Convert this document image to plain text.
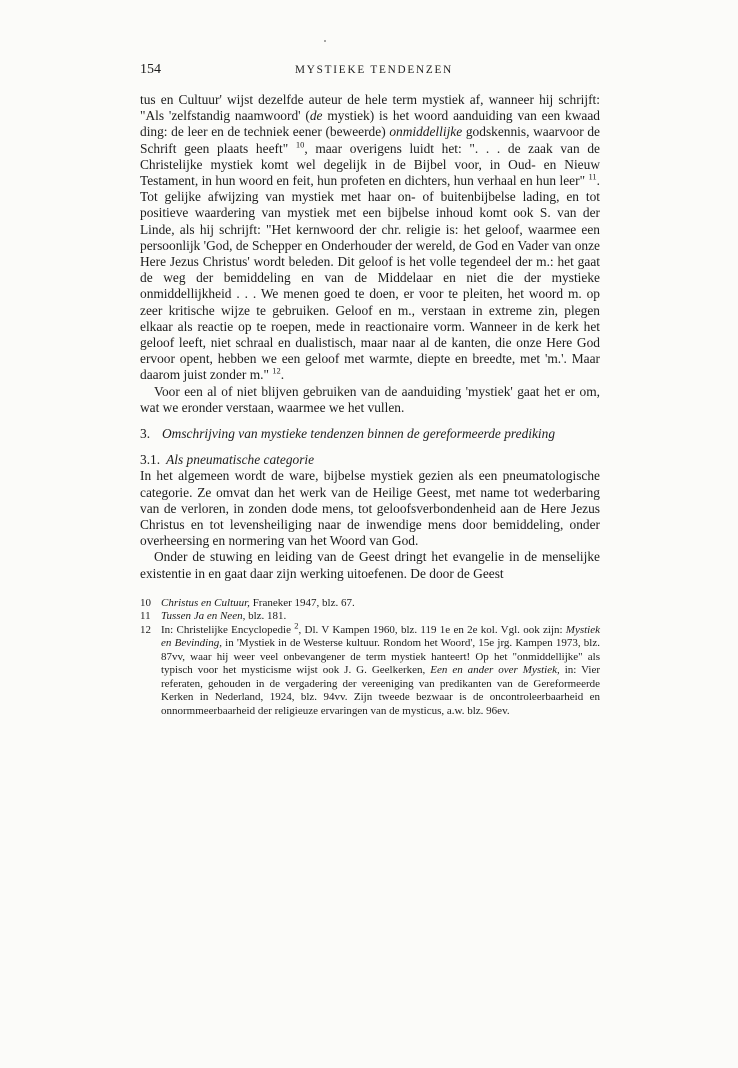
154	MYSTIEKE TENDENZEN

tus en Cultuur' wijst dezelfde auteur de hele term mystiek af, wanneer hij schrijft: "Als 'zelfstandig naamwoord' (de mystiek) is het woord aanduiding van een kwaad ding: de leer en de techniek eener (beweerde) onmiddellijke godskennis, waarvoor de Schrift geen plaats heeft" $^{10}$, maar overigens luidt het: ". . . de zaak van de Christelijke mystiek komt wel degelijk in de Bijbel voor, in Oud- en Nieuw Testament, in hun woord en feit, hun profeten en dichters, hun verhaal en hun leer" $^{11}$. Tot gelijke afwijzing van mystiek met haar on- of buitenbijbelse lading, en tot positieve waardering van mystiek met een bijbelse inhoud komt ook S. van der Linde, als hij schrijft: "Het kernwoord der chr. religie is: het geloof, waarmee een persoonlijk 'God, de Schepper en Onderhouder der wereld, de God en Vader van onze Here Jezus Christus' wordt beleden. Dit geloof is het volle tegendeel der m.: het gaat de weg der bemiddeling en van de Middelaar en niet die der mystieke onmiddellijkheid . . . We menen goed te doen, er voor te pleiten, het woord m. op zeer kritische wijze te gebruiken. Geloof en m., verstaan in extreme zin, plegen elkaar als reactie op te roepen, mede in reactionaire vorm. Wanneer in de kerk het geloof leeft, niet schraal en dualistisch, maar naar al de kanten, die onze Here God ervoor opent, hebben we een geloof met warmte, diepte en breedte, met 'm.'. Maar daarom juist zonder m." $^{12}$.

Voor een al of niet blijven gebruiken van de aanduiding 'mystiek' gaat het er om, wat we eronder verstaan, waarmee we het vullen.

3. Omschrijving van mystieke tendenzen binnen de gereformeerde prediking
3.1. Als pneumatische categorie

In het algemeen wordt de ware, bijbelse mystiek gezien als een pneumatologische categorie. Ze omvat dan het werk van de Heilige Geest, met name tot wederbaring van de verloren, in zonden dode mens, tot geloofsverbondenheid aan de Here Jezus Christus en tot levensheiliging naar de inwendige mens door bemiddeling, onder overheersing en normering van het Woord van God.

Onder de stuwing en leiding van de Geest dringt het evangelie in de menselijke existentie in en gaat daar zijn werking uitoefenen. De door de Geest

10 Christus en Cultuur, Franeker 1947, blz. 67.
11 Tussen Ja en Neen, blz. 181.
12 In: Christelijke Encyclopedie $^2$, Dl. V Kampen 1960, blz. 119 1e en 2e kol. Vgl. ook zijn: Mystiek en Bevinding, in 'Mystiek in de Westerse kultuur. Rondom het Woord', 15e jrg. Kampen 1973, blz. 87vv, waar hij weer veel onbevangener de term mystiek hanteert! Op het "onmiddellijke" als typisch voor het mysticisme wijst ook J. G. Geelkerken, Een en ander over Mystiek, in: Vier referaten, gehouden in de vergadering der vereeniging van predikanten van de Gereformeerde Kerken in Nederland, 1924, blz. 94vv. Zijn tweede bezwaar is de oncontroleerbaarheid en onnormmeerbaarheid der religieuze ervaringen van de mysticus, a.w. blz. 96ev.
